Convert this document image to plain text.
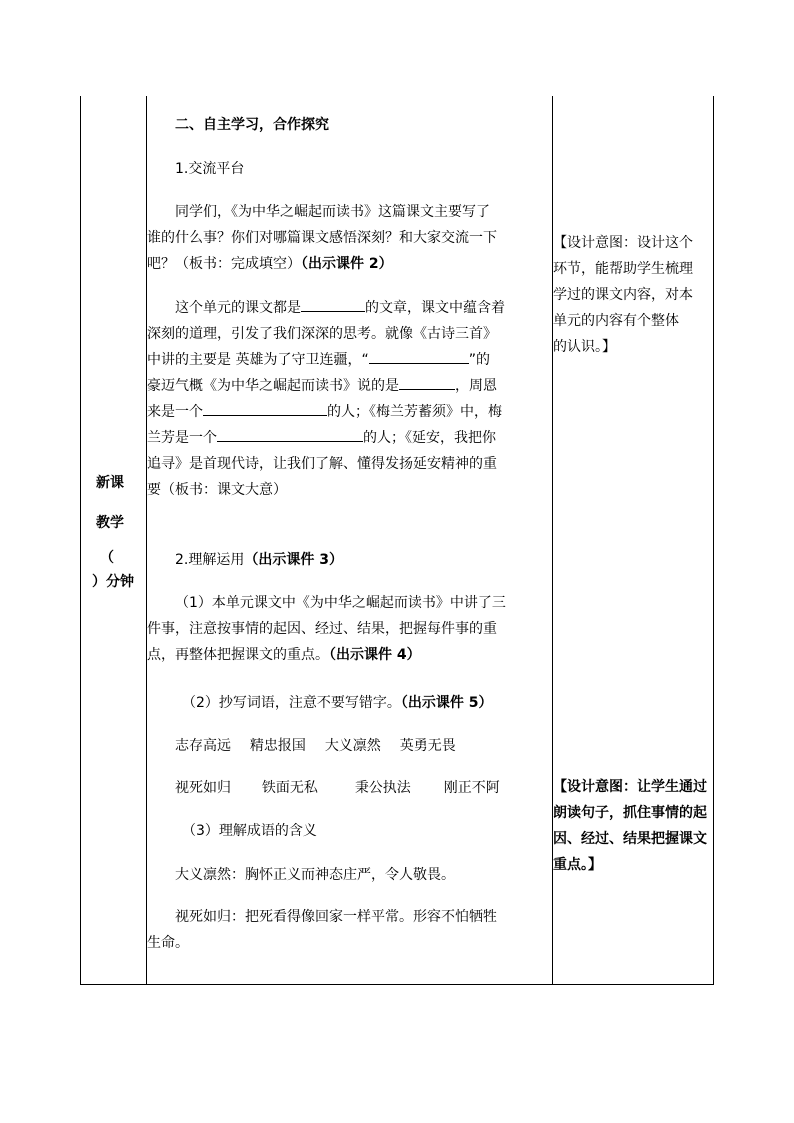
新课
教学
（
）分钟

二、自主学习，合作探究

1.交流平台

同学们，《为中华之崛起而读书》这篇课文主要写了
谁的什么事？你们对哪篇课文感悟深刻？和大家交流一下
吧？（板书：完成填空）（出示课件 2）

这个单元的课文都是	的文章，课文中蕴含着
深刻的道理，引发了我们深深的思考。就像《古诗三首》
中讲的主要是 英雄为了守卫连疆，“	”的
豪迈气概《为中华之崛起而读书》说的是	，周恩
来是一个	的人；《梅兰芳蓄须》中，梅
兰芳是一个	的人；《延安，我把你
追寻》是首现代诗，让我们了解、懂得发扬延安精神的重
要（板书：课文大意）

2.理解运用（出示课件 3）

（1）本单元课文中《为中华之崛起而读书》中讲了三
件事，注意按事情的起因、经过、结果，把握每件事的重
点，再整体把握课文的重点。（出示课件 4）

（2）抄写词语，注意不要写错字。（出示课件 5）

志存高远 精忠报国 大义凛然 英勇无畏

视死如归 铁面无私	秉公执法 刚正不阿

（3）理解成语的含义

大义凛然：胸怀正义而神态庄严，令人敬畏。

视死如归：把死看得像回家一样平常。形容不怕牺牲
生命。

【设计意图：设计这个
环节，能帮助学生梳理
学过的课文内容，对本
单元的内容有个整体
的认识。】
【设计意图：让学生通过
朗读句子，抓住事情的起
因、经过、结果把握课文
重点。】
